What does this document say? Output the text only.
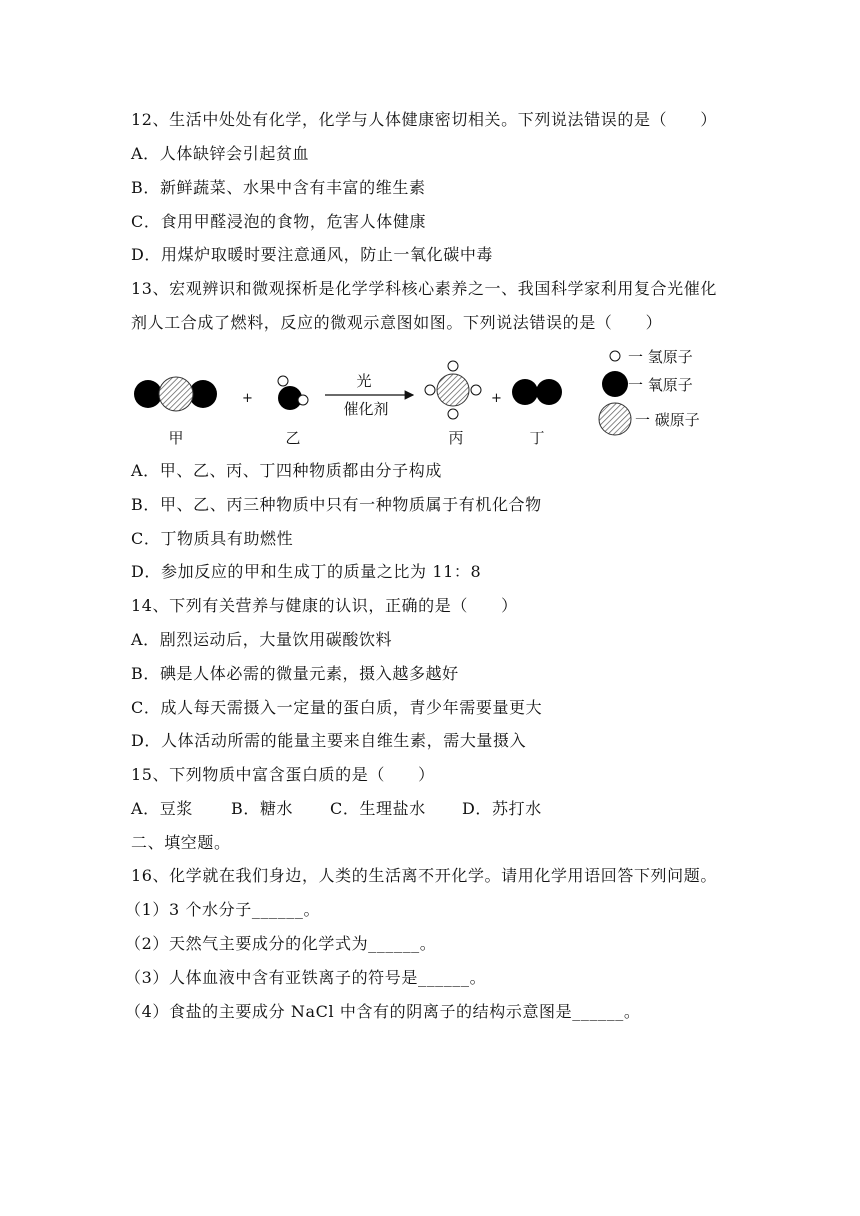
12、生活中处处有化学，化学与人体健康密切相关。下列说法错误的是（　　）
A．人体缺锌会引起贫血
B．新鲜蔬菜、水果中含有丰富的维生素
C．食用甲醛浸泡的食物，危害人体健康
D．用煤炉取暖时要注意通风，防止一氧化碳中毒
13、宏观辨识和微观探析是化学学科核心素养之一、我国科学家利用复合光催化
剂人工合成了燃料，反应的微观示意图如图。下列说法错误的是（　　）
+
光
催化剂
+
甲	乙	丙	丁
一 氢原子
一 氧原子
一 碳原子
A．甲、乙、丙、丁四种物质都由分子构成
B．甲、乙、丙三种物质中只有一种物质属于有机化合物
C．丁物质具有助燃性
D．参加反应的甲和生成丁的质量之比为 11：8
14、下列有关营养与健康的认识，正确的是（　　）
A．剧烈运动后，大量饮用碳酸饮料
B．碘是人体必需的微量元素，摄入越多越好
C．成人每天需摄入一定量的蛋白质，青少年需要量更大
D．人体活动所需的能量主要来自维生素，需大量摄入
15、下列物质中富含蛋白质的是（　　）
A．豆浆 B．糖水 C．生理盐水 D．苏打水
二、填空题。
16、化学就在我们身边，人类的生活离不开化学。请用化学用语回答下列问题。
（1）3 个水分子______。
（2）天然气主要成分的化学式为______。
（3）人体血液中含有亚铁离子的符号是______。
（4）食盐的主要成分 NaCl 中含有的阴离子的结构示意图是______。
